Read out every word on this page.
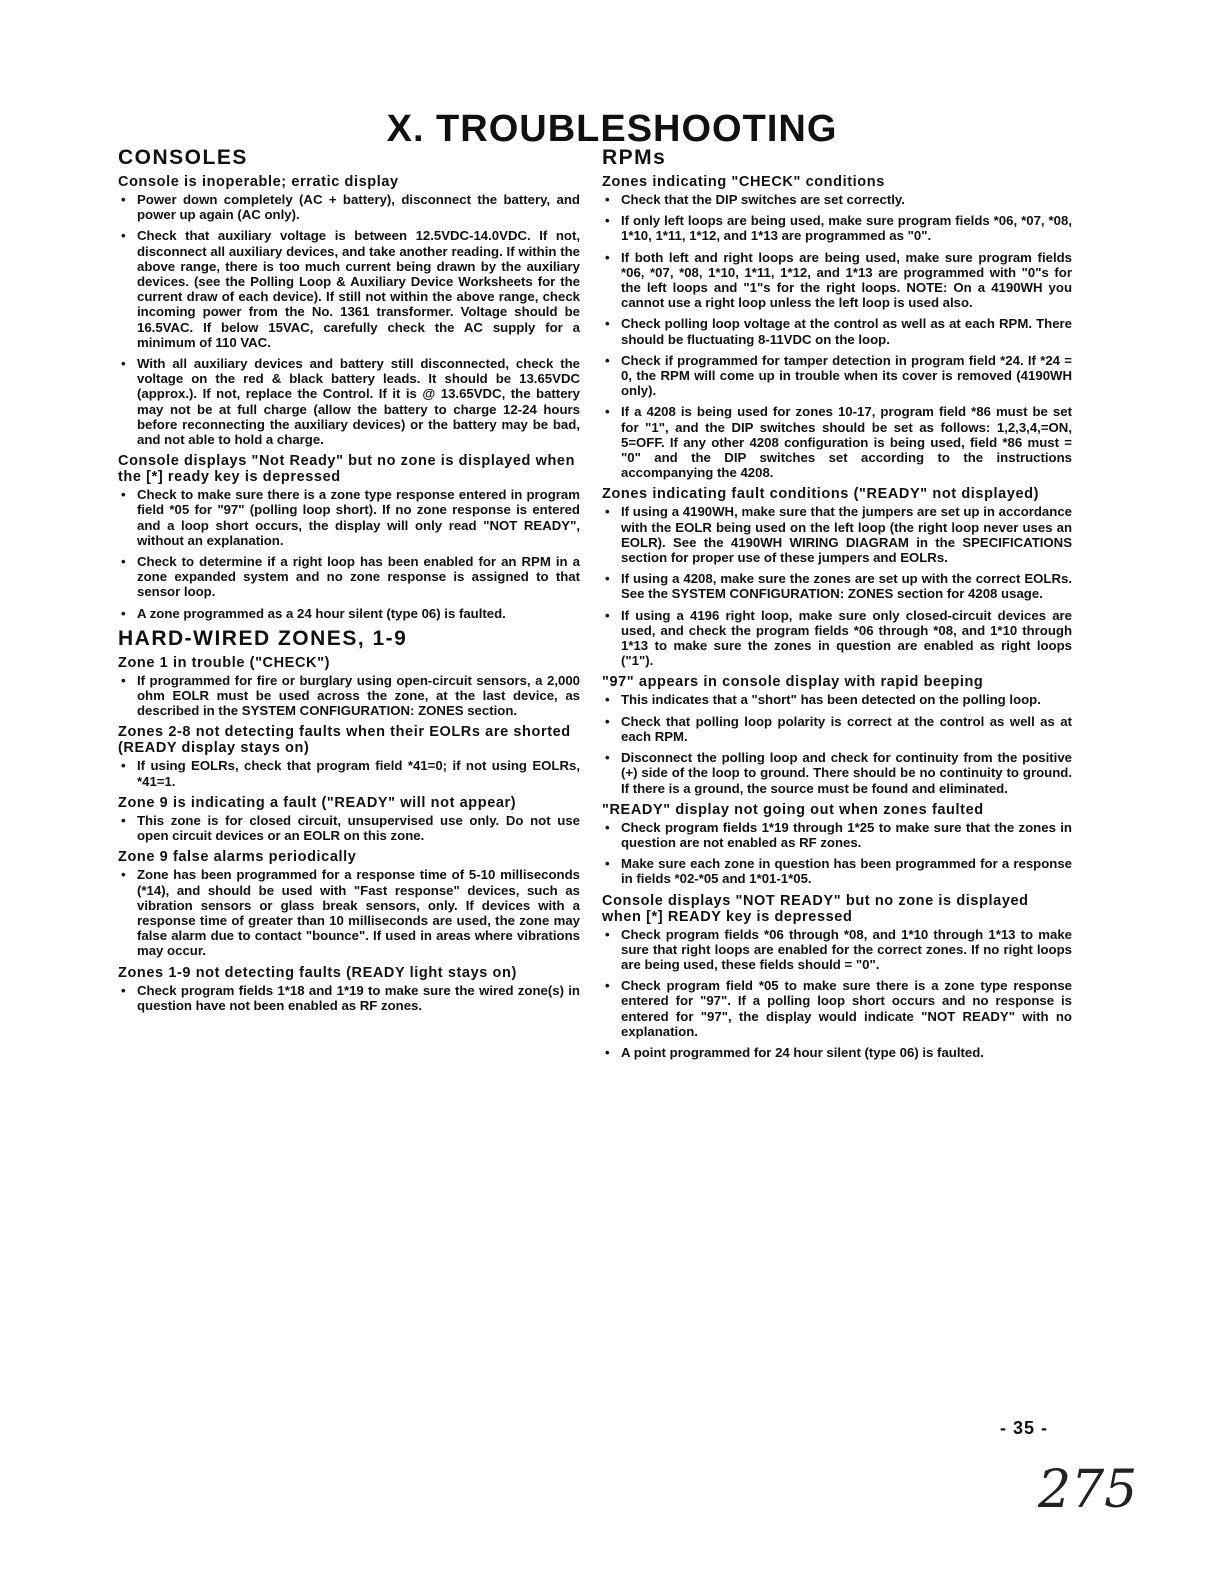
X. TROUBLESHOOTING
CONSOLES
Console is inoperable; erratic display
• Power down completely (AC + battery), disconnect the battery, and power up again (AC only).
• Check that auxiliary voltage is between 12.5VDC-14.0VDC. If not, disconnect all auxiliary devices, and take another reading. If within the above range, there is too much current being drawn by the auxiliary devices. (see the Polling Loop & Auxiliary Device Worksheets for the current draw of each device). If still not within the above range, check incoming power from the No. 1361 transformer. Voltage should be 16.5VAC. If below 15VAC, carefully check the AC supply for a minimum of 110 VAC.
• With all auxiliary devices and battery still disconnected, check the voltage on the red & black battery leads. It should be 13.65VDC (approx.). If not, replace the Control. If it is @ 13.65VDC, the battery may not be at full charge (allow the battery to charge 12-24 hours before reconnecting the auxiliary devices) or the battery may be bad, and not able to hold a charge.
Console displays "Not Ready" but no zone is displayed when the [*] ready key is depressed
• Check to make sure there is a zone type response entered in program field *05 for "97" (polling loop short). If no zone response is entered and a loop short occurs, the display will only read "NOT READY", without an explanation.
• Check to determine if a right loop has been enabled for an RPM in a zone expanded system and no zone response is assigned to that sensor loop.
• A zone programmed as a 24 hour silent (type 06) is faulted.
HARD-WIRED ZONES, 1-9
Zone 1 in trouble ("CHECK")
• If programmed for fire or burglary using open-circuit sensors, a 2,000 ohm EOLR must be used across the zone, at the last device, as described in the SYSTEM CONFIGURATION: ZONES section.
Zones 2-8 not detecting faults when their EOLRs are shorted (READY display stays on)
• If using EOLRs, check that program field *41=0; if not using EOLRs, *41=1.
Zone 9 is indicating a fault ("READY" will not appear)
• This zone is for closed circuit, unsupervised use only. Do not use open circuit devices or an EOLR on this zone.
Zone 9 false alarms periodically
• Zone has been programmed for a response time of 5-10 milliseconds (*14), and should be used with "Fast response" devices, such as vibration sensors or glass break sensors, only. If devices with a response time of greater than 10 milliseconds are used, the zone may false alarm due to contact "bounce". If used in areas where vibrations may occur.
Zones 1-9 not detecting faults (READY light stays on)
• Check program fields 1*18 and 1*19 to make sure the wired zone(s) in question have not been enabled as RF zones.
RPMs
Zones indicating "CHECK" conditions
• Check that the DIP switches are set correctly.
• If only left loops are being used, make sure program fields *06, *07, *08, 1*10, 1*11, 1*12, and 1*13 are programmed as "0".
• If both left and right loops are being used, make sure program fields *06, *07, *08, 1*10, 1*11, 1*12, and 1*13 are programmed with "0"s for the left loops and "1"s for the right loops. NOTE: On a 4190WH you cannot use a right loop unless the left loop is used also.
• Check polling loop voltage at the control as well as at each RPM. There should be fluctuating 8-11VDC on the loop.
• Check if programmed for tamper detection in program field *24. If *24 = 0, the RPM will come up in trouble when its cover is removed (4190WH only).
• If a 4208 is being used for zones 10-17, program field *86 must be set for "1", and the DIP switches should be set as follows: 1,2,3,4,=ON, 5=OFF. If any other 4208 configuration is being used, field *86 must = "0" and the DIP switches set according to the instructions accompanying the 4208.
Zones indicating fault conditions ("READY" not displayed)
• If using a 4190WH, make sure that the jumpers are set up in accordance with the EOLR being used on the left loop (the right loop never uses an EOLR). See the 4190WH WIRING DIAGRAM in the SPECIFICATIONS section for proper use of these jumpers and EOLRs.
• If using a 4208, make sure the zones are set up with the correct EOLRs. See the SYSTEM CONFIGURATION: ZONES section for 4208 usage.
• If using a 4196 right loop, make sure only closed-circuit devices are used, and check the program fields *06 through *08, and 1*10 through 1*13 to make sure the zones in question are enabled as right loops ("1").
"97" appears in console display with rapid beeping
• This indicates that a "short" has been detected on the polling loop.
• Check that polling loop polarity is correct at the control as well as at each RPM.
• Disconnect the polling loop and check for continuity from the positive (+) side of the loop to ground. There should be no continuity to ground. If there is a ground, the source must be found and eliminated.
"READY" display not going out when zones faulted
• Check program fields 1*19 through 1*25 to make sure that the zones in question are not enabled as RF zones.
• Make sure each zone in question has been programmed for a response in fields *02-*05 and 1*01-1*05.
Console displays "NOT READY" but no zone is displayed when [*] READY key is depressed
• Check program fields *06 through *08, and 1*10 through 1*13 to make sure that right loops are enabled for the correct zones. If no right loops are being used, these fields should = "0".
• Check program field *05 to make sure there is a zone type response entered for "97". If a polling loop short occurs and no response is entered for "97", the display would indicate "NOT READY" with no explanation.
• A point programmed for 24 hour silent (type 06) is faulted.

- 35 -

275
